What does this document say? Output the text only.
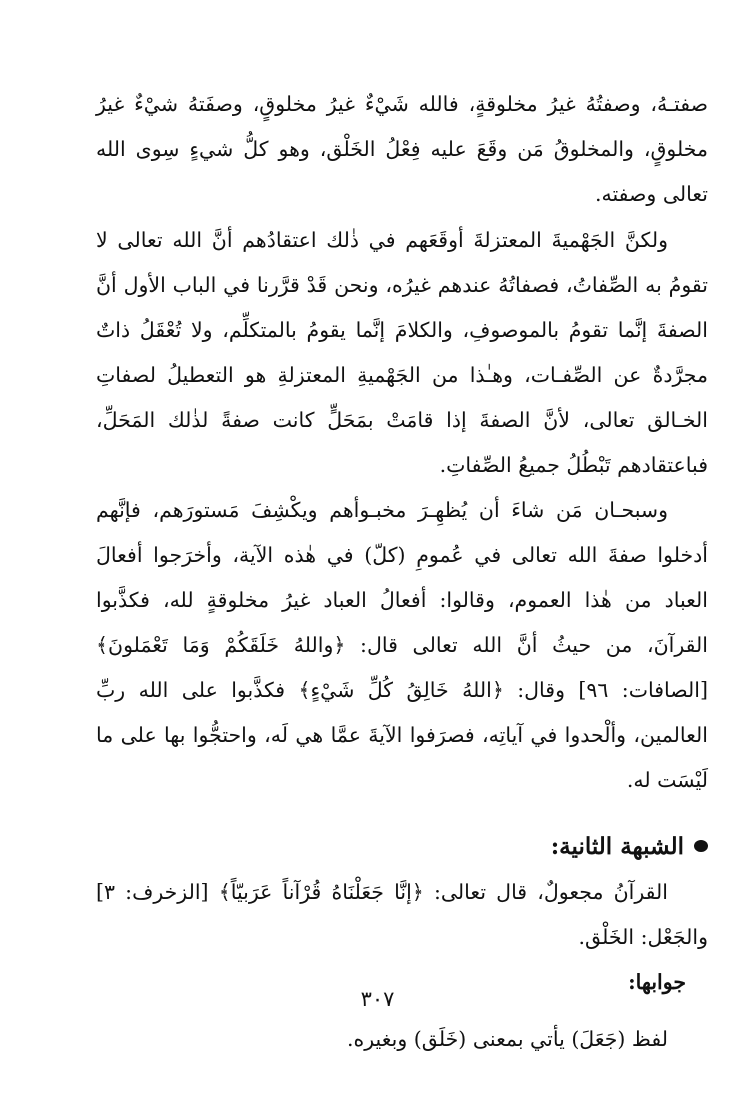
صفتـهُ، وصفتُهُ غيرُ مخلوقةٍ، فالله شَيْءٌ غيرُ مخلوقٍ، وصفَتهُ شيْءٌ غيرُ مخلوقٍ، والمخلوقُ مَن وقَعَ عليه فِعْلُ الخَلْق، وهو كلُّ شيءٍ سِوى الله تعالى وصفته.

ولكنَّ الجَهْميةَ المعتزلةَ أوقَعَهم في ذٰلك اعتقادُهم أنَّ الله تعالى لا تقومُ به الصِّفاتُ، فصفاتُهُ عندهم غيرُه، ونحن قَدْ قرَّرنا في الباب الأول أنَّ الصفةَ إنَّما تقومُ بالموصوفِ، والكلامَ إنَّما يقومُ بالمتكلِّم، ولا تُعْقَلُ ذاتٌ مجرَّدةٌ عن الصِّفـات، وهـٰذا من الجَهْميةِ المعتزلةِ هو التعطيلُ لصفاتِ الخـالق تعالى، لأنَّ الصفةَ إذا قامَتْ بمَحَلٍّ كانت صفةً لذٰلك المَحَلِّ، فباعتقادهم تَبْطُلُ جميعُ الصِّفاتِ.

وسبحـان مَن شاءَ أن يُظهِـرَ مخبـوأهم ويكْشِفَ مَستورَهم، فإنَّهم أدخلوا صفةَ الله تعالى في عُمومِ (كلّ) في هٰذه الآية، وأخرَجوا أفعالَ العباد من هٰذا العموم، وقالوا: أفعالُ العباد غيرُ مخلوقةٍ لله، فكذَّبوا القرآنَ، من حيثُ أنَّ الله تعالى قال: ﴿واللهُ خَلَقَكُمْ وَمَا تَعْمَلونَ﴾ [الصافات: ٩٦] وقال: ﴿اللهُ خَالِقُ كُلِّ شَيْءٍ﴾ فكذَّبوا على الله ربِّ العالمين، وألْحدوا في آياتِه، فصرَفوا الآيةَ عمَّا هي لَه، واحتجُّوا بها على ما لَيْسَت له.

الشبهة الثانية:

القرآنُ مجعولٌ، قال تعالى: ﴿إنَّا جَعَلْنَاهُ قُرْآناً عَرَبيّاً﴾ [الزخرف: ٣] والجَعْل: الخَلْق.

جوابها:

لفظ (جَعَلَ) يأتي بمعنى (خَلَق) وبغيره.

٣٠٧
